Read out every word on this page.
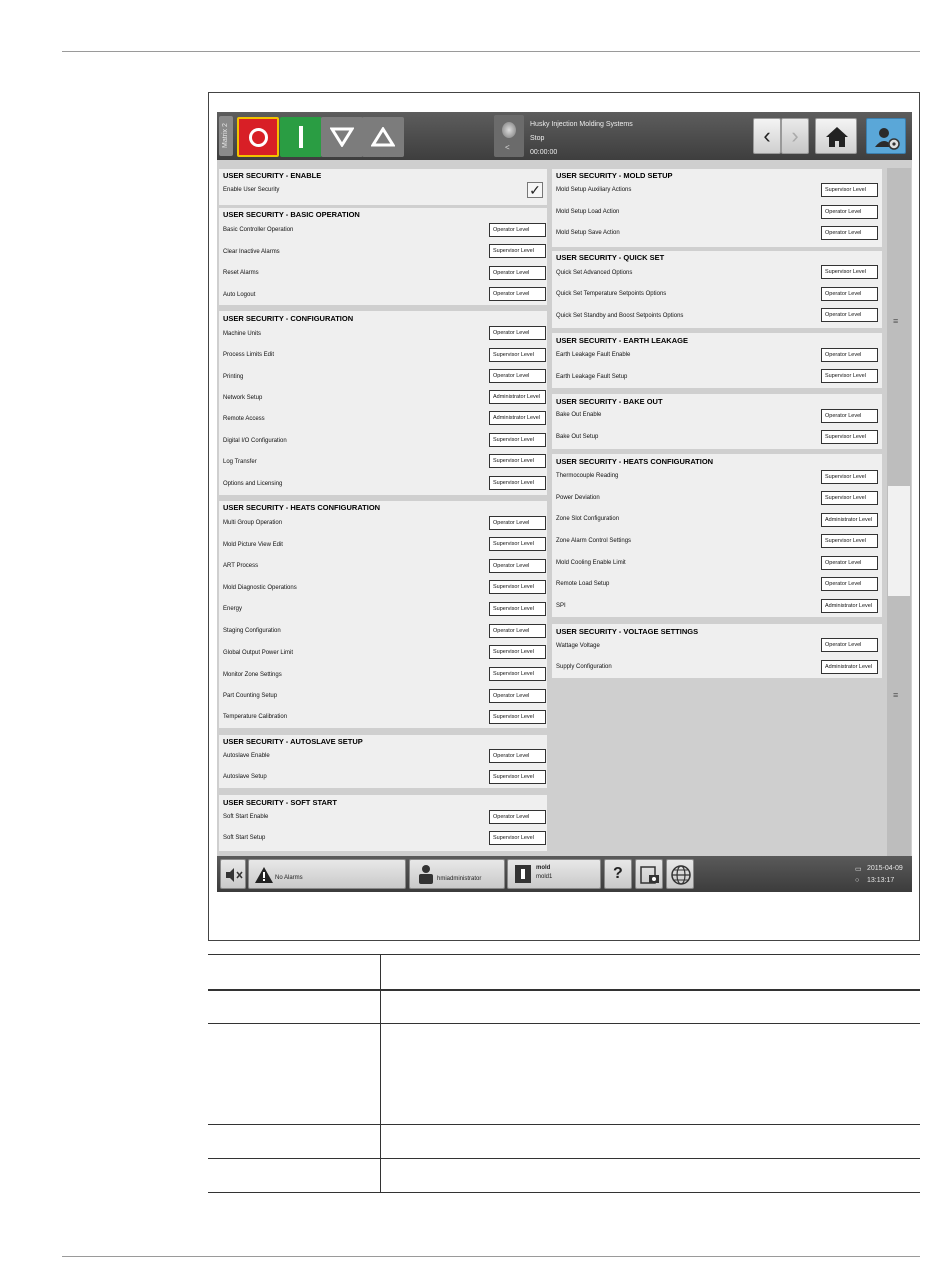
Matrix 2	<
Husky Injection Molding Systems
Stop
00:00:00
‹ ›
USER SECURITY - ENABLE
Enable User Security	✓
USER SECURITY - BASIC OPERATION
Basic Controller Operation	Operator Level
Clear Inactive Alarms	Supervisor Level
Reset Alarms	Operator Level
Auto Logout	Operator Level
USER SECURITY - CONFIGURATION
Machine Units	Operator Level
Process Limits Edit	Supervisor Level
Printing	Operator Level
Network Setup	Administrator Level
Remote Access	Administrator Level
Digital I/O Configuration	Supervisor Level
Log Transfer	Supervisor Level
Options and Licensing	Supervisor Level
USER SECURITY - HEATS CONFIGURATION
Multi Group Operation	Operator Level
Mold Picture View Edit	Supervisor Level
ART Process	Operator Level
Mold Diagnostic Operations	Supervisor Level
Energy	Supervisor Level
Staging Configuration	Operator Level
Global Output Power Limit	Supervisor Level
Monitor Zone Settings	Supervisor Level
Part Counting Setup	Operator Level
Temperature Calibration	Supervisor Level
USER SECURITY - AUTOSLAVE SETUP
Autoslave Enable	Operator Level
Autoslave Setup	Supervisor Level
USER SECURITY - SOFT START
Soft Start Enable	Operator Level
Soft Start Setup	Supervisor Level
USER SECURITY - MOLD SETUP
Mold Setup Auxiliary Actions	Supervisor Level
Mold Setup Load Action	Operator Level
Mold Setup Save Action	Operator Level
USER SECURITY - QUICK SET
Quick Set Advanced Options	Supervisor Level
Quick Set Temperature Setpoints Options	Operator Level
Quick Set Standby and Boost Setpoints Options	Operator Level
USER SECURITY - EARTH LEAKAGE
Earth Leakage Fault Enable	Operator Level
Earth Leakage Fault Setup	Supervisor Level
USER SECURITY - BAKE OUT
Bake Out Enable	Operator Level
Bake Out Setup	Supervisor Level
USER SECURITY - HEATS CONFIGURATION
Thermocouple Reading	Supervisor Level
Power Deviation	Supervisor Level
Zone Slot Configuration	Administrator Level
Zone Alarm Control Settings	Supervisor Level
Mold Cooling Enable Limit	Operator Level
Remote Load Setup	Operator Level
SPI	Administrator Level
USER SECURITY - VOLTAGE SETTINGS
Wattage Voltage	Operator Level
Supply Configuration	Administrator Level
≡
≡
No Alarms	hmiadministrator
mold
mold1	?	▭ 2015-04-09
○ 13:13:17
